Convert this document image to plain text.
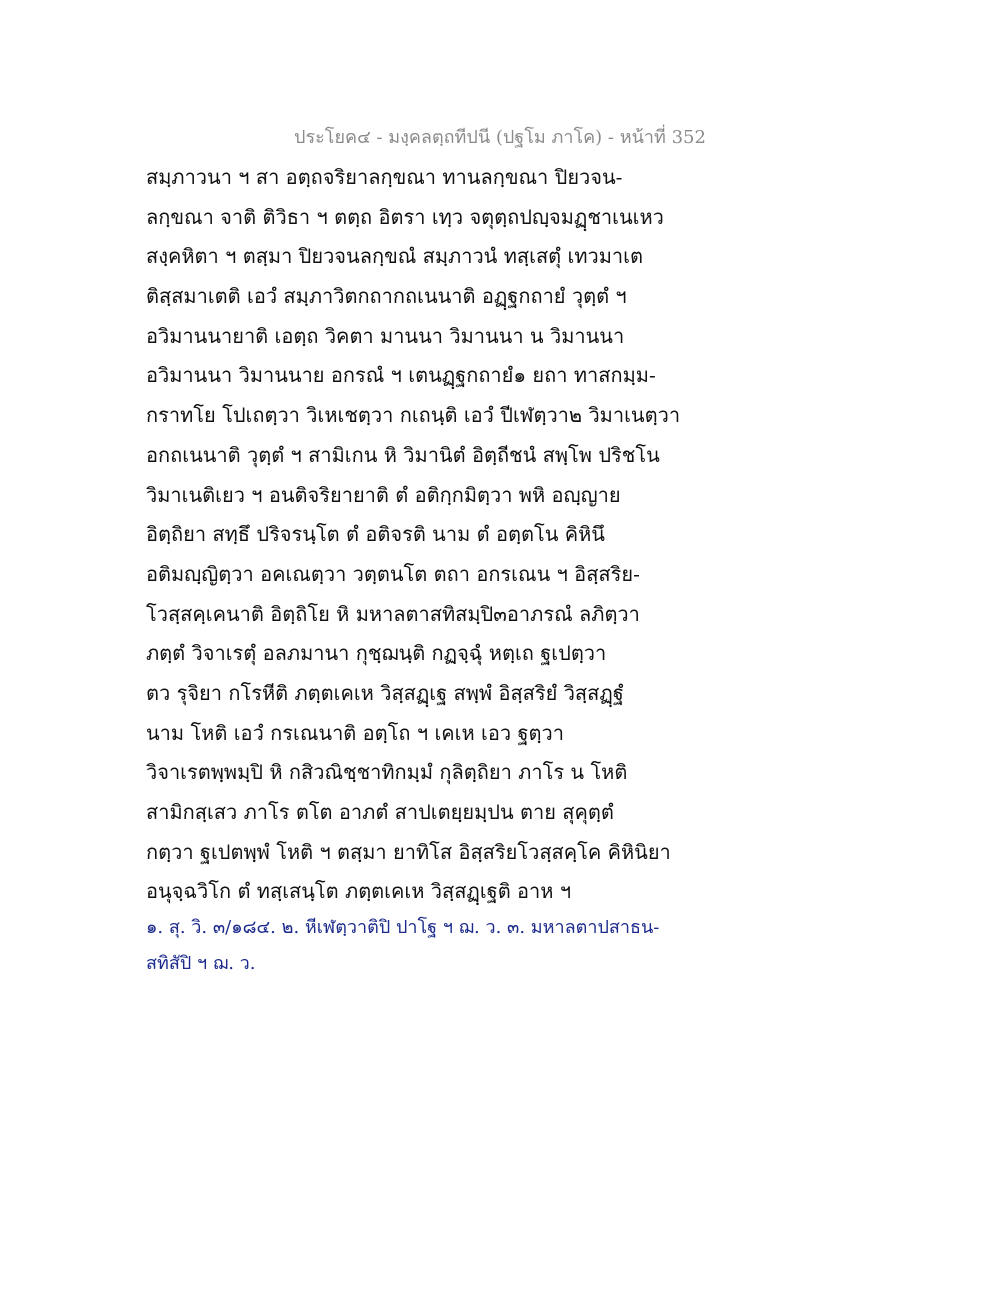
ประโยค๔ - มงฺคลตฺถทีปนี (ปฐโม ภาโค) - หน้าที่ 352
สมฺภาวนา ฯ สา อตฺถจริยาลกฺขณา ทานลกฺขณา ปิยวจน-
ลกฺขณา จาติ ติวิธา ฯ ตตฺถ อิตรา เทฺว จตุตฺถปญฺจมฏฺชาเนเหว
สงฺคหิตา ฯ ตสฺมา ปิยวจนลกฺขณํ สมฺภาวนํ ทสฺเสตุํ เทวมาเต
ติสฺสมาเตติ เอวํ สมฺภาวิตกถากถเนนาติ อฏฺฐกถายํ วุตฺตํ ฯ
อวิมานนายาติ เอตฺถ วิคตา มานนา วิมานนา น วิมานนา
อวิมานนา วิมานนาย อกรณํ ฯ เตนฏฺฐกถายํ๑ ยถา ทาสกมฺม-
กราทโย โปเถตฺวา วิเหเชตฺวา กเถนฺติ เอวํ ปีเฬตฺวา๒ วิมาเนตฺวา
อกถเนนาติ วุตฺตํ ฯ สามิเกน หิ วิมานิตํ อิตฺถีชนํ สพฺโพ ปริชโน
วิมาเนติเยว ฯ อนติจริยายาติ ตํ อติกฺกมิตฺวา พหิ อญฺญาย
อิตฺถิยา สทฺธึ ปริจรนฺโต ตํ อติจรติ นาม ตํ อตฺตโน คิหินึ
อติมญฺญิตฺวา อคเณตฺวา วตฺตนโต ตถา อกรเณน ฯ อิสฺสริย-
โวสฺสคฺเคนาติ อิตฺถิโย หิ มหาลตาสทิสมฺปิ๓อาภรณํ ลภิตฺวา
ภตฺตํ วิจาเรตุํ อลภมานา กุชฺฌนฺติ กฏจฺฉุํ หตฺเถ ฐเปตฺวา
ตว รุจิยา กโรหีติ ภตฺตเคเห วิสฺสฏฺเฐ สพฺพํ อิสฺสริยํ วิสฺสฏฺฐํ
นาม โหติ เอวํ กรเณนาติ อตฺโถ ฯ เคเห เอว ฐตฺวา
วิจาเรตพฺพมฺปิ หิ กสิวณิชฺชาทิกมฺมํ กุลิตฺถิยา ภาโร น โหติ
สามิกสฺเสว ภาโร ตโต อาภตํ สาปเตยฺยมฺปน ตาย สุคุตฺตํ
กตฺวา ฐเปตพฺพํ โหติ ฯ ตสฺมา ยาทิโส อิสฺสริยโวสฺสคฺโค คิหินิยา
อนุจฺฉวิโก ตํ ทสฺเสนฺโต ภตฺตเคเห วิสฺสฏฺเฐติ อาห ฯ
๑. สุ. วิ. ๓/๑๘๔. ๒. หีเฬตฺวาติปิ ปาโฐ ฯ ฌ. ว. ๓. มหาลตาปสาธน-
สทิสัปิ ฯ ฌ. ว.
